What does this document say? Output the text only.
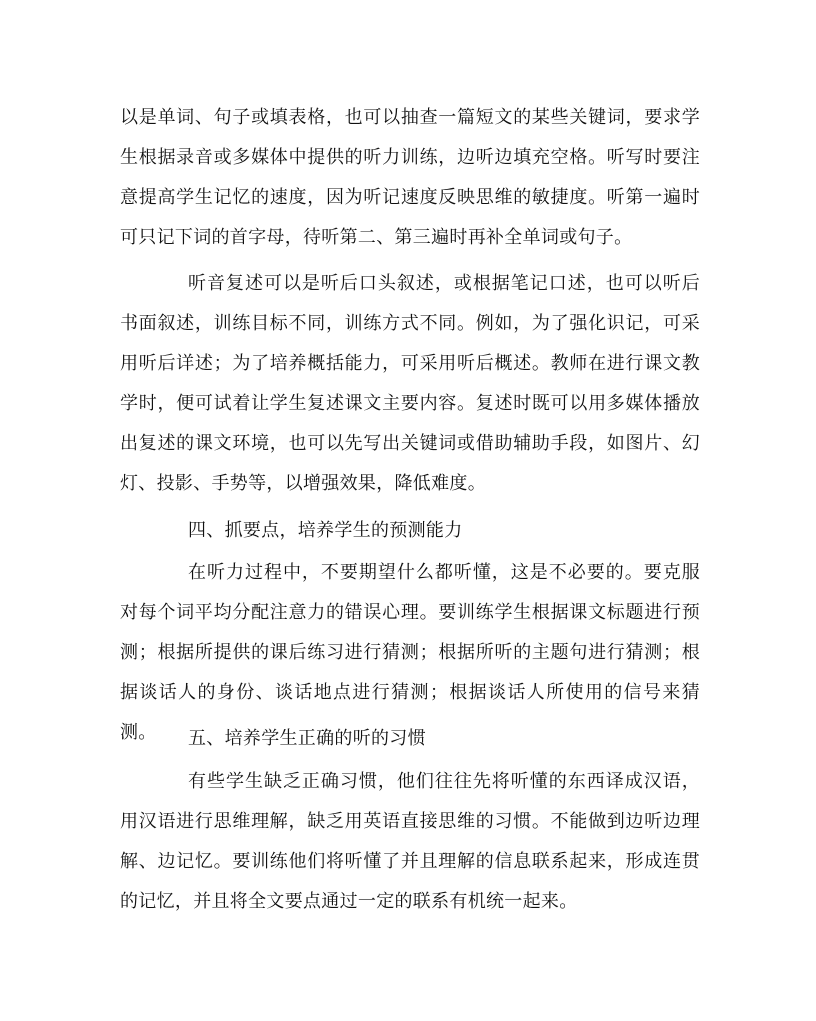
以是单词、句子或填表格，也可以抽查一篇短文的某些关键词，要求学生根据录音或多媒体中提供的听力训练，边听边填充空格。听写时要注意提高学生记忆的速度，因为听记速度反映思维的敏捷度。听第一遍时可只记下词的首字母，待听第二、第三遍时再补全单词或句子。

听音复述可以是听后口头叙述，或根据笔记口述，也可以听后书面叙述，训练目标不同，训练方式不同。例如，为了强化识记，可采用听后详述；为了培养概括能力，可采用听后概述。教师在进行课文教学时，便可试着让学生复述课文主要内容。复述时既可以用多媒体播放出复述的课文环境，也可以先写出关键词或借助辅助手段，如图片、幻灯、投影、手势等，以增强效果，降低难度。

四、抓要点，培养学生的预测能力

在听力过程中，不要期望什么都听懂，这是不必要的。要克服对每个词平均分配注意力的错误心理。要训练学生根据课文标题进行预测；根据所提供的课后练习进行猜测；根据所听的主题句进行猜测；根据谈话人的身份、谈话地点进行猜测；根据谈话人所使用的信号来猜测。	五、培养学生正确的听的习惯

有些学生缺乏正确习惯，他们往往先将听懂的东西译成汉语，用汉语进行思维理解，缺乏用英语直接思维的习惯。不能做到边听边理解、边记忆。要训练他们将听懂了并且理解的信息联系起来，形成连贯的记忆，并且将全文要点通过一定的联系有机统一起来。
